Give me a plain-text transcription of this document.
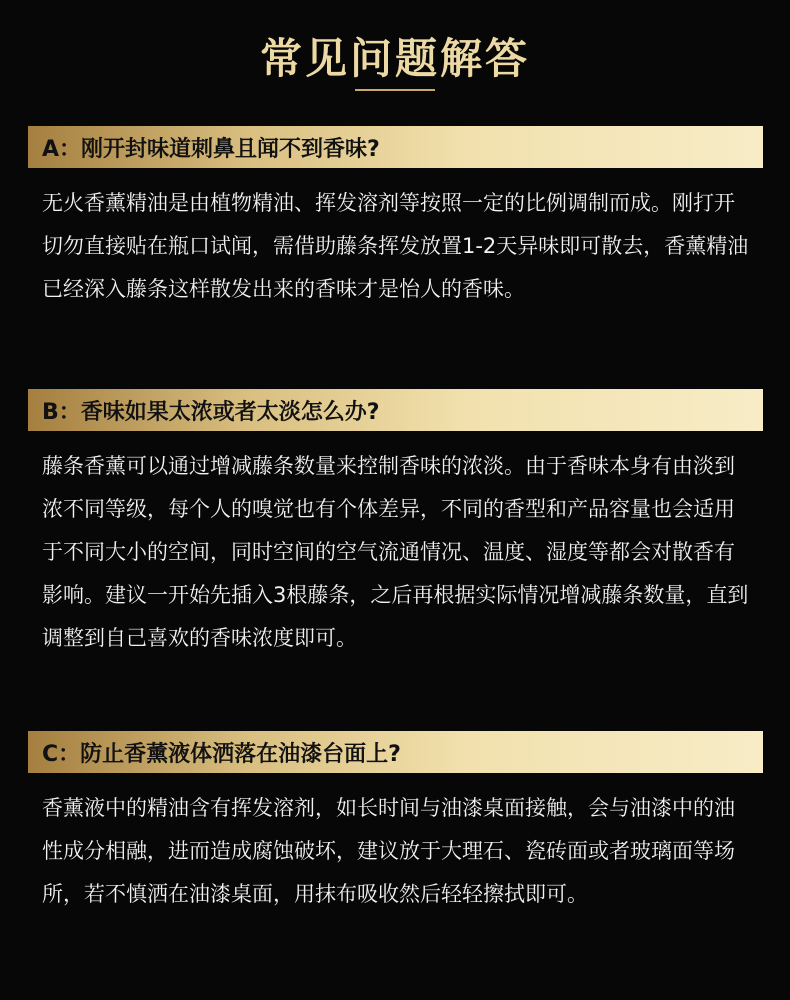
常见问题解答
A：刚开封味道刺鼻且闻不到香味?

无火香薰精油是由植物精油、挥发溶剂等按照一定的比例调制而成。刚打开切勿直接贴在瓶口试闻，需借助藤条挥发放置1-2天异味即可散去，香薰精油已经深入藤条这样散发出来的香味才是怡人的香味。

B：香味如果太浓或者太淡怎么办?

藤条香薰可以通过增减藤条数量来控制香味的浓淡。由于香味本身有由淡到浓不同等级，每个人的嗅觉也有个体差异，不同的香型和产品容量也会适用于不同大小的空间，同时空间的空气流通情况、温度、湿度等都会对散香有影响。建议一开始先插入3根藤条，之后再根据实际情况增减藤条数量，直到调整到自己喜欢的香味浓度即可。

C：防止香薰液体洒落在油漆台面上?

香薰液中的精油含有挥发溶剂，如长时间与油漆桌面接触，会与油漆中的油性成分相融，进而造成腐蚀破坏，建议放于大理石、瓷砖面或者玻璃面等场所，若不慎洒在油漆桌面，用抹布吸收然后轻轻擦拭即可。
